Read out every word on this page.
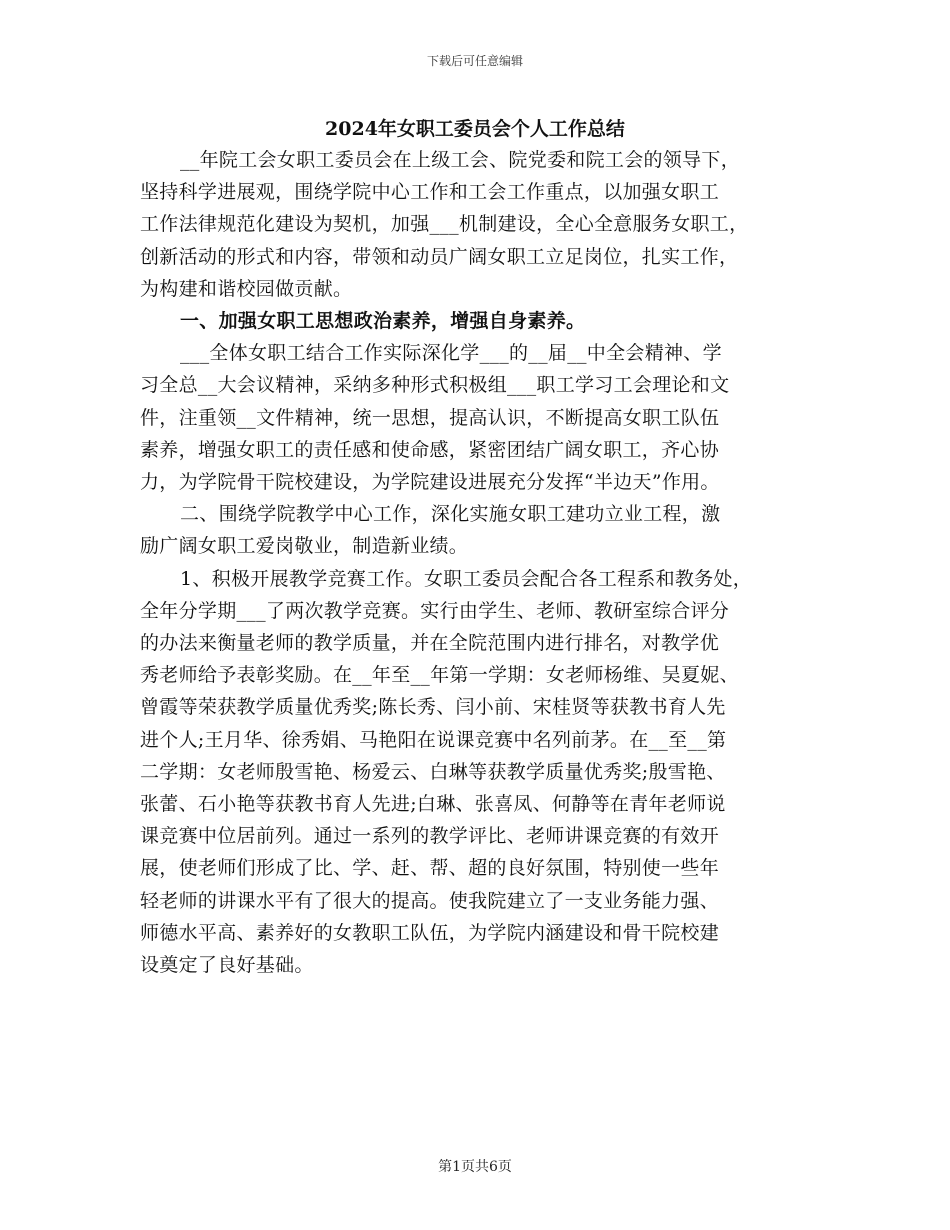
下载后可任意编辑
2024年女职工委员会个人工作总结

__年院工会女职工委员会在上级工会、院党委和院工会的领导下，
坚持科学进展观，围绕学院中心工作和工会工作重点，以加强女职工
工作法律规范化建设为契机，加强___机制建设，全心全意服务女职工，
创新活动的形式和内容，带领和动员广阔女职工立足岗位，扎实工作，
为构建和谐校园做贡献。

一、加强女职工思想政治素养，增强自身素养。

___全体女职工结合工作实际深化学___的__届__中全会精神、学
习全总__大会议精神，采纳多种形式积极组___职工学习工会理论和文
件，注重领__文件精神，统一思想，提高认识，不断提高女职工队伍
素养，增强女职工的责任感和使命感，紧密团结广阔女职工，齐心协
力，为学院骨干院校建设，为学院建设进展充分发挥“半边天”作用。

二、围绕学院教学中心工作，深化实施女职工建功立业工程，激
励广阔女职工爱岗敬业，制造新业绩。

1、积极开展教学竞赛工作。女职工委员会配合各工程系和教务处，
全年分学期___了两次教学竞赛。实行由学生、老师、教研室综合评分
的办法来衡量老师的教学质量，并在全院范围内进行排名，对教学优
秀老师给予表彰奖励。在__年至__年第一学期：女老师杨维、吴夏妮、
曾霞等荣获教学质量优秀奖;陈长秀、闫小前、宋桂贤等获教书育人先
进个人;王月华、徐秀娟、马艳阳在说课竞赛中名列前茅。在__至__第
二学期：女老师殷雪艳、杨爱云、白琳等获教学质量优秀奖;殷雪艳、
张蕾、石小艳等获教书育人先进;白琳、张喜凤、何静等在青年老师说
课竞赛中位居前列。通过一系列的教学评比、老师讲课竞赛的有效开
展，使老师们形成了比、学、赶、帮、超的良好氛围，特别使一些年
轻老师的讲课水平有了很大的提高。使我院建立了一支业务能力强、
师德水平高、素养好的女教职工队伍，为学院内涵建设和骨干院校建
设奠定了良好基础。

第1页共6页
